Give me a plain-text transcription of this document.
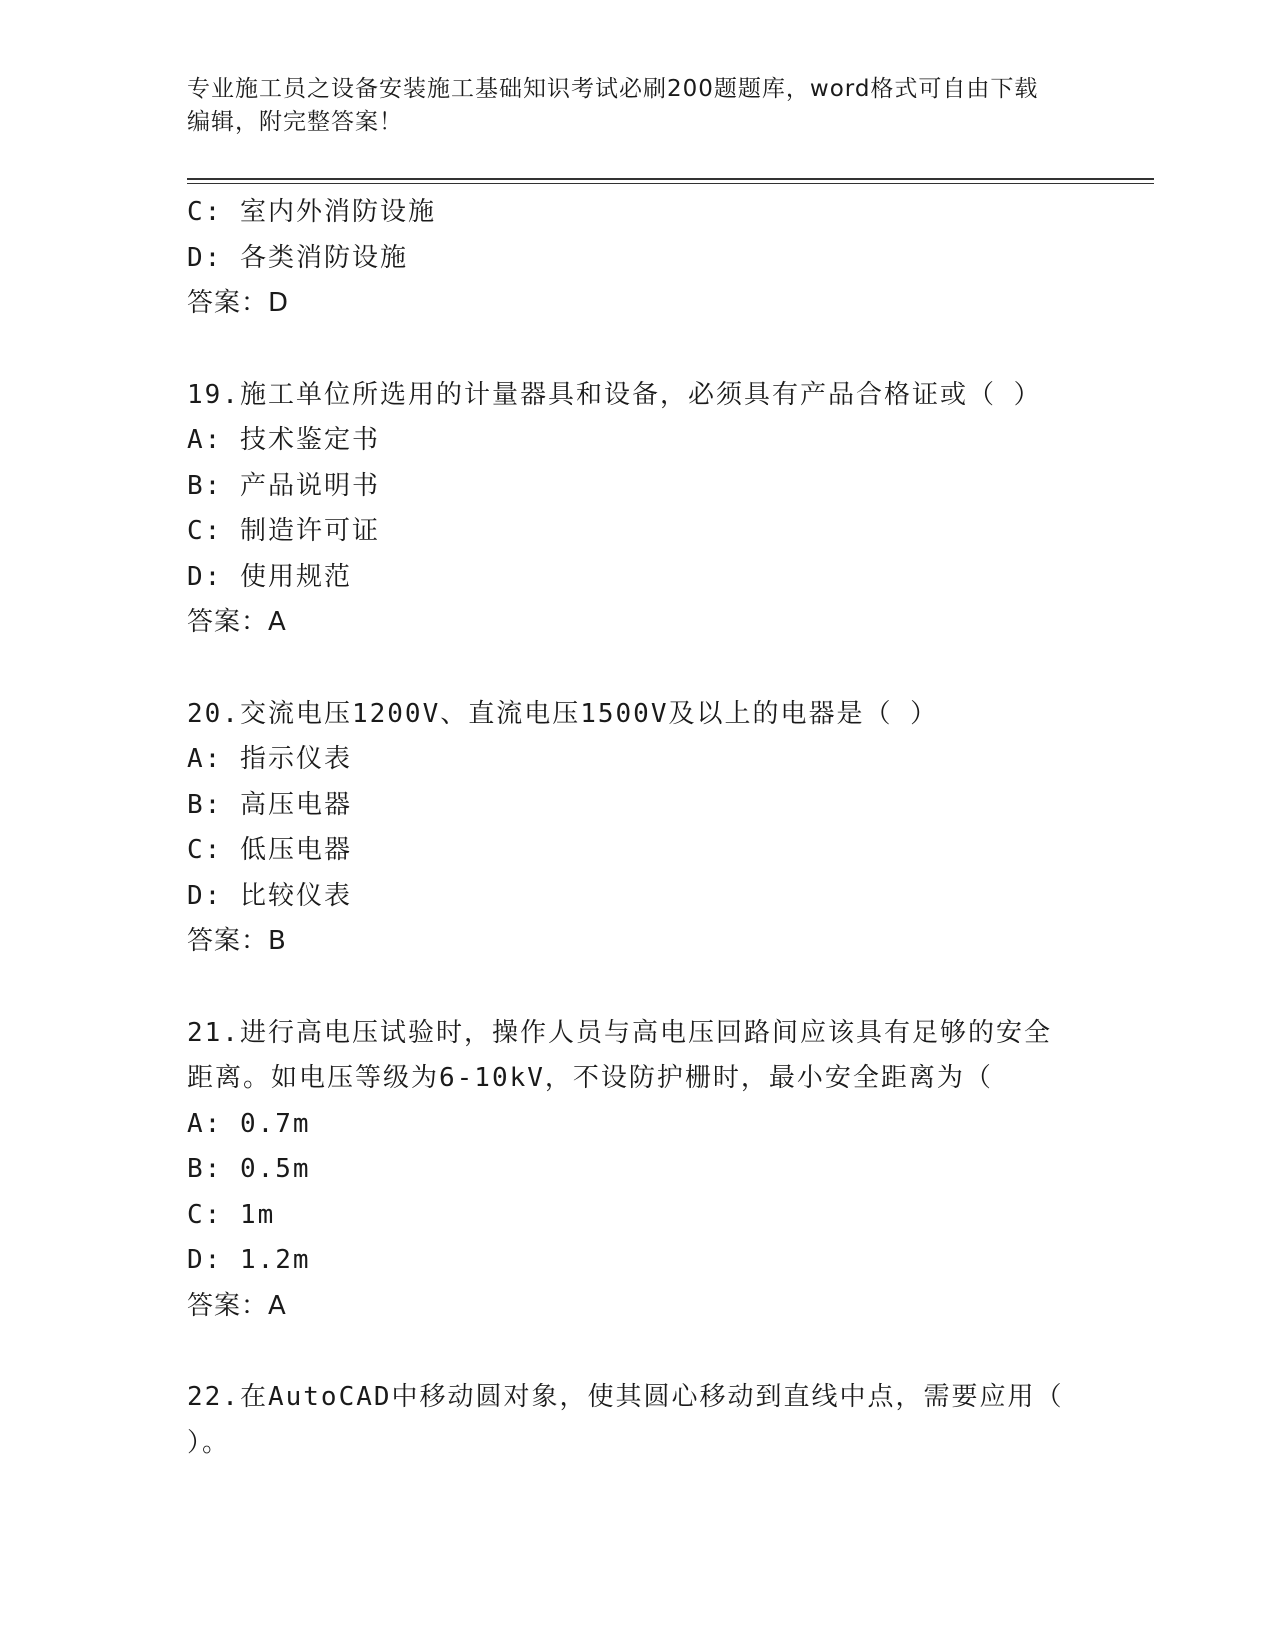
专业施工员之设备安装施工基础知识考试必刷200题题库，word格式可自由下载
编辑，附完整答案！
C: 室内外消防设施
D: 各类消防设施
答案：D
19.施工单位所选用的计量器具和设备，必须具有产品合格证或（ ）
A: 技术鉴定书
B: 产品说明书
C: 制造许可证
D: 使用规范
答案：A
20.交流电压1200V、直流电压1500V及以上的电器是（ ）
A: 指示仪表
B: 高压电器
C: 低压电器
D: 比较仪表
答案：B
21.进行高电压试验时，操作人员与高电压回路间应该具有足够的安全
距离。如电压等级为6-10kV，不设防护栅时，最小安全距离为（
A: 0.7m
B: 0.5m
C: 1m
D: 1.2m
答案：A
22.在AutoCAD中移动圆对象，使其圆心移动到直线中点，需要应用（
）。
